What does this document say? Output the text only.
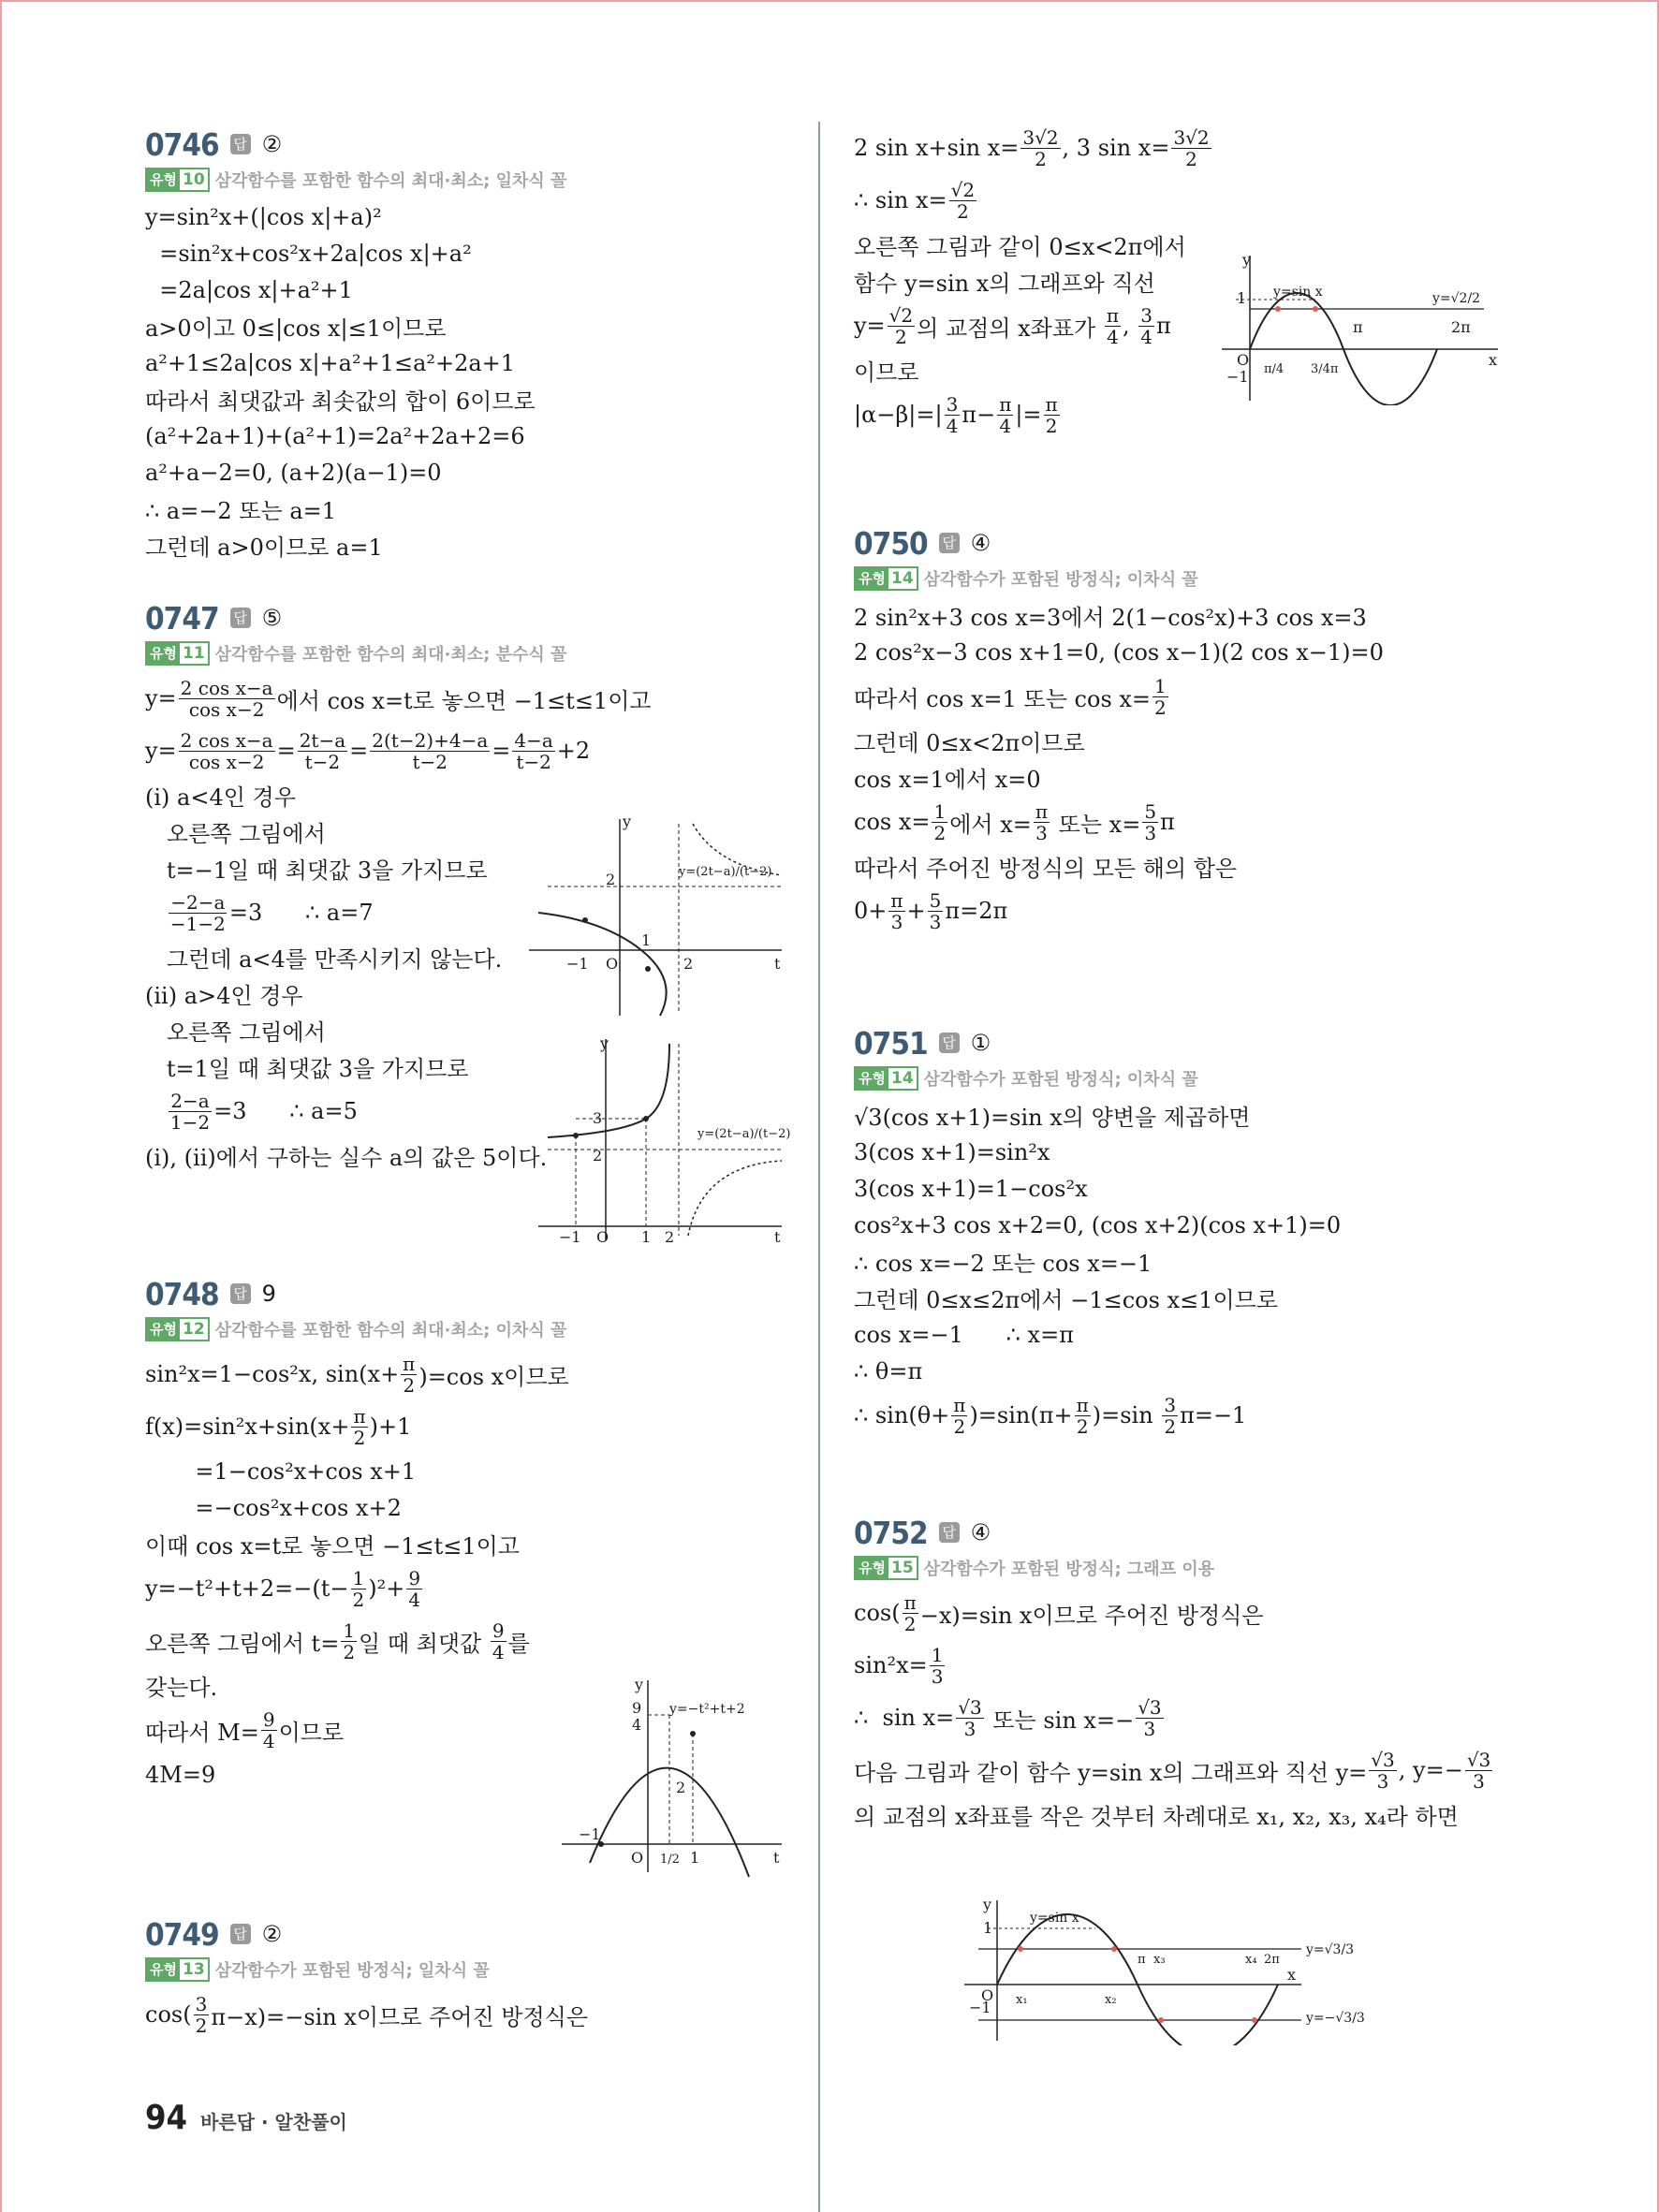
0746 답 ②
유형 10 삼각함수를 포함한 함수의 최대·최소; 일차식 꼴
y=sin²x+(|cos x|+a)²
=sin²x+cos²x+2a|cos x|+a²
=2a|cos x|+a²+1
a>0이고 0≤|cos x|≤1이므로
a²+1≤2a|cos x|+a²+1≤a²+2a+1
따라서 최댓값과 최솟값의 합이 6이므로
(a²+2a+1)+(a²+1)=2a²+2a+2=6
a²+a−2=0, (a+2)(a−1)=0
∴ a=−2 또는 a=1
그런데 a>0이므로 a=1
0747 답 ⑤
유형 11 삼각함수를 포함한 함수의 최대·최소; 분수식 꼴
$y= \frac{\text{2 cos x−a}}{\text{cos x−2}}$ 에서 cos x=t로 놓으면 −1≤t≤1이고
$y= \frac{\text{2 cos x−a}}{\text{cos x−2}} = \frac{2t-a}{t-2} = \frac{2(t-2)+4-a}{t-2} = \frac{4-a}{t-2} +2$
(i) a<4인 경우
오른쪽 그림에서
t=−1일 때 최댓값 3을 가지므로

$\frac{-2-a}{-1-2} =3$      ∴ a=7
그런데 a<4를 만족시키지 않는다.
(ii) a>4인 경우
오른쪽 그림에서
t=1일 때 최댓값 3을 가지므로

$\frac{2-a}{1-2} =3$      ∴ a=5
(i), (ii)에서 구하는 실수 a의 값은 5이다.
0748 답 9
유형 12 삼각함수를 포함한 함수의 최대·최소; 이차식 꼴
sin²x=1−cos²x, $\sin(x+ \frac{\pi}{2} )=\cos$ x이므로
$f(x)=\sin^2x+\sin(x+ \frac{\pi}{2} )+1$
=1−cos²x+cos x+1
=−cos²x+cos x+2
이때 cos x=t로 놓으면 −1≤t≤1이고
$y=-t^2+t+2=-(t- \frac{1}{2} )^2+ \frac{9}{4}$
오른쪽 그림에서 $t= \frac{1}{2}$ 일 때 최댓값 $\frac{9}{4}$ 를
갖는다.
따라서 $M= \frac{9}{4}$ 이므로
4M=9
0749 답 ②
유형 13 삼각함수가 포함된 방정식; 일차식 꼴
$\cos( \frac{3}{2} \pi-x)=-\sin$ x이므로 주어진 방정식은
2 sin x+sin $x= \frac{3√2}{2}$ , 3 $\sin x= \frac{3√2}{2}$
∴ $\sin x= \frac{√2}{2}$
오른쪽 그림과 같이 0≤x<2π에서
함수 y=sin x의 그래프와 직선
$y= \frac{√2}{2}$ 의 교점의 x좌표가 $\frac{\pi}{4}$ , $\frac{3}{4}$ π
이므로
$|\alpha-\beta|=| \frac{3}{4} \pi- \frac{\pi}{4}$ |= $\frac{\pi}{2}$
0750 답 ④
유형 14 삼각함수가 포함된 방정식; 이차식 꼴
2 sin²x+3 cos x=3에서 2(1−cos²x)+3 cos x=3
2 cos²x−3 cos x+1=0, (cos x−1)(2 cos x−1)=0
따라서 cos x=1 또는 $\cos x= \frac{1}{2}$
그런데 0≤x<2π이므로
cos x=1에서 x=0
$\cos x= \frac{1}{2}$ 에서 $x= \frac{\pi}{3}$ 또는 $x= \frac{5}{3}$ π
따라서 주어진 방정식의 모든 해의 합은
$0+ \frac{\pi}{3} + \frac{5}{3} \pi=2\pi$
0751 답 ①
유형 14 삼각함수가 포함된 방정식; 이차식 꼴
√3(cos x+1)=sin x의 양변을 제곱하면
3(cos x+1)=sin²x
3(cos x+1)=1−cos²x
cos²x+3 cos x+2=0, (cos x+2)(cos x+1)=0
∴ cos x=−2 또는 cos x=−1
그런데 0≤x≤2π에서 −1≤cos x≤1이므로
cos x=−1      ∴ x=π
∴ θ=π
∴ $\sin(\theta+ \frac{\pi}{2} )=\sin(\pi+ \frac{\pi}{2} )=\sin \frac{3}{2} \pi=-1$
0752 답 ④
유형 15 삼각함수가 포함된 방정식; 그래프 이용
$\cos( \frac{\pi}{2} -x)=\sin$ x이므로 주어진 방정식은
$\sin^2x= \frac{1}{3}$
∴  $\sin x= \frac{√3}{3}$ 또는 $\sin x=- \frac{√3}{3}$
다음 그림과 같이 함수 y=sin x의 그래프와 직선 $y= \frac{√3}{3}$ , $y=- \frac{√3}{3}$
의 교점의 x좌표를 작은 것부터 차례대로 x₁, x₂, x₃, x₄라 하면
y
t
O
2
1
−1	2
y=(2t−a)/(t−2)
y
t
O
3
2
−1	1 2
y=(2t−a)/(t−2)
y
t
O
9
4
2
−1
1/2 1
y=−t²+t+2
y
x
O
1
−1
y=sin x	y=√2/2
π/4 3/4π
π	2π
y
x
O
1
−1
y=sin x
y=√3/3
y=−√3/3
x₁	x₂
π x₃	x₄ 2π
94 바른답 · 알찬풀이
